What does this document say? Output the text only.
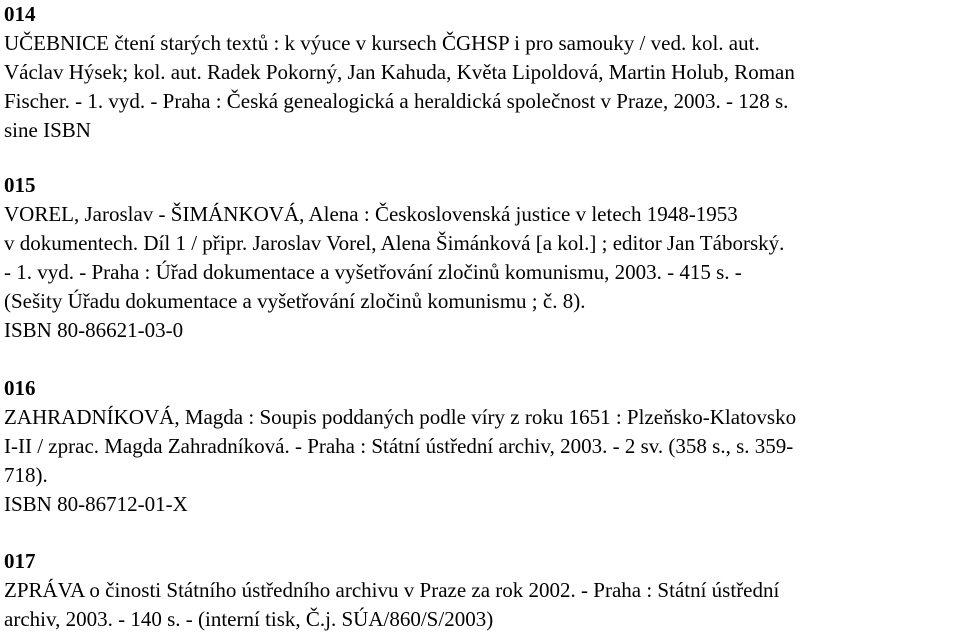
014

UČEBNICE čtení starých textů : k výuce v kursech ČGHSP i pro samouky / ved. kol. aut.
Václav Hýsek; kol. aut. Radek Pokorný, Jan Kahuda, Květa Lipoldová, Martin Holub, Roman
Fischer. - 1. vyd. - Praha : Česká genealogická a heraldická společnost v Praze, 2003. - 128 s.
sine ISBN

015

VOREL, Jaroslav - ŠIMÁNKOVÁ, Alena : Československá justice v letech 1948-1953
v dokumentech. Díl 1 / připr. Jaroslav Vorel, Alena Šimánková [a kol.] ; editor Jan Táborský.
- 1. vyd. - Praha : Úřad dokumentace a vyšetřování zločinů komunismu, 2003. - 415 s. -
(Sešity Úřadu dokumentace a vyšetřování zločinů komunismu ; č. 8).
ISBN 80-86621-03-0

016

ZAHRADNÍKOVÁ, Magda : Soupis poddaných podle víry z roku 1651 : Plzeňsko-Klatovsko
I-II / zprac. Magda Zahradníková. - Praha : Státní ústřední archiv, 2003. - 2 sv. (358 s., s. 359-
718).
ISBN 80-86712-01-X

017

ZPRÁVA o činosti Státního ústředního archivu v Praze za rok 2002. - Praha : Státní ústřední
archiv, 2003. - 140 s. - (interní tisk, Č.j. SÚA/860/S/2003)
